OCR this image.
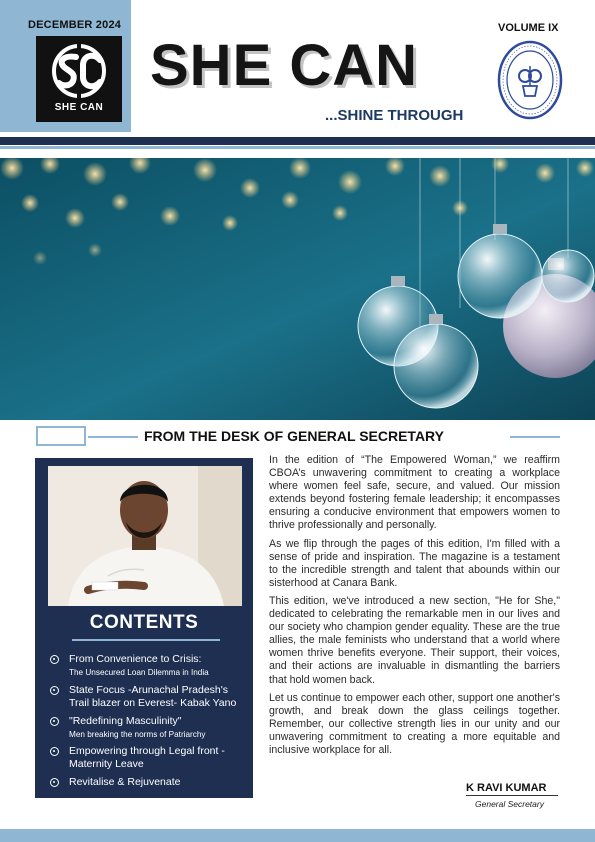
DECEMBER 2024
SHE CAN
SHE CAN
...SHINE THROUGH
VOLUME IX
FROM THE DESK OF GENERAL SECRETARY
CONTENTS
From Convenience to Crisis:
The Unsecured Loan Dilemma in India
State Focus -Arunachal Pradesh's
Trail blazer on Everest- Kabak Yano
"Redefining Masculinity"
Men breaking the norms of Patriarchy
Empowering through Legal front -
Maternity Leave
Revitalise & Rejuvenate

In the edition of “The Empowered Woman,” we reaffirm CBOA’s unwavering commitment to creating a workplace where women feel safe, secure, and valued. Our mission extends beyond fostering female leadership; it encompasses ensuring a conducive environment that empowers women to thrive professionally and personally.

As we flip through the pages of this edition, I'm filled with a sense of pride and inspiration. The magazine is a testament to the incredible strength and talent that abounds within our sisterhood at Canara Bank.

This edition, we've introduced a new section, "He for She," dedicated to celebrating the remarkable men in our lives and our society who champion gender equality. These are the true allies, the male feminists who understand that a world where women thrive benefits everyone. Their support, their voices, and their actions are invaluable in dismantling the barriers that hold women back.

Let us continue to empower each other, support one another's growth, and break down the glass ceilings together. Remember, our collective strength lies in our unity and our unwavering commitment to creating a more equitable and inclusive workplace for all.

K RAVI KUMAR
General Secretary
